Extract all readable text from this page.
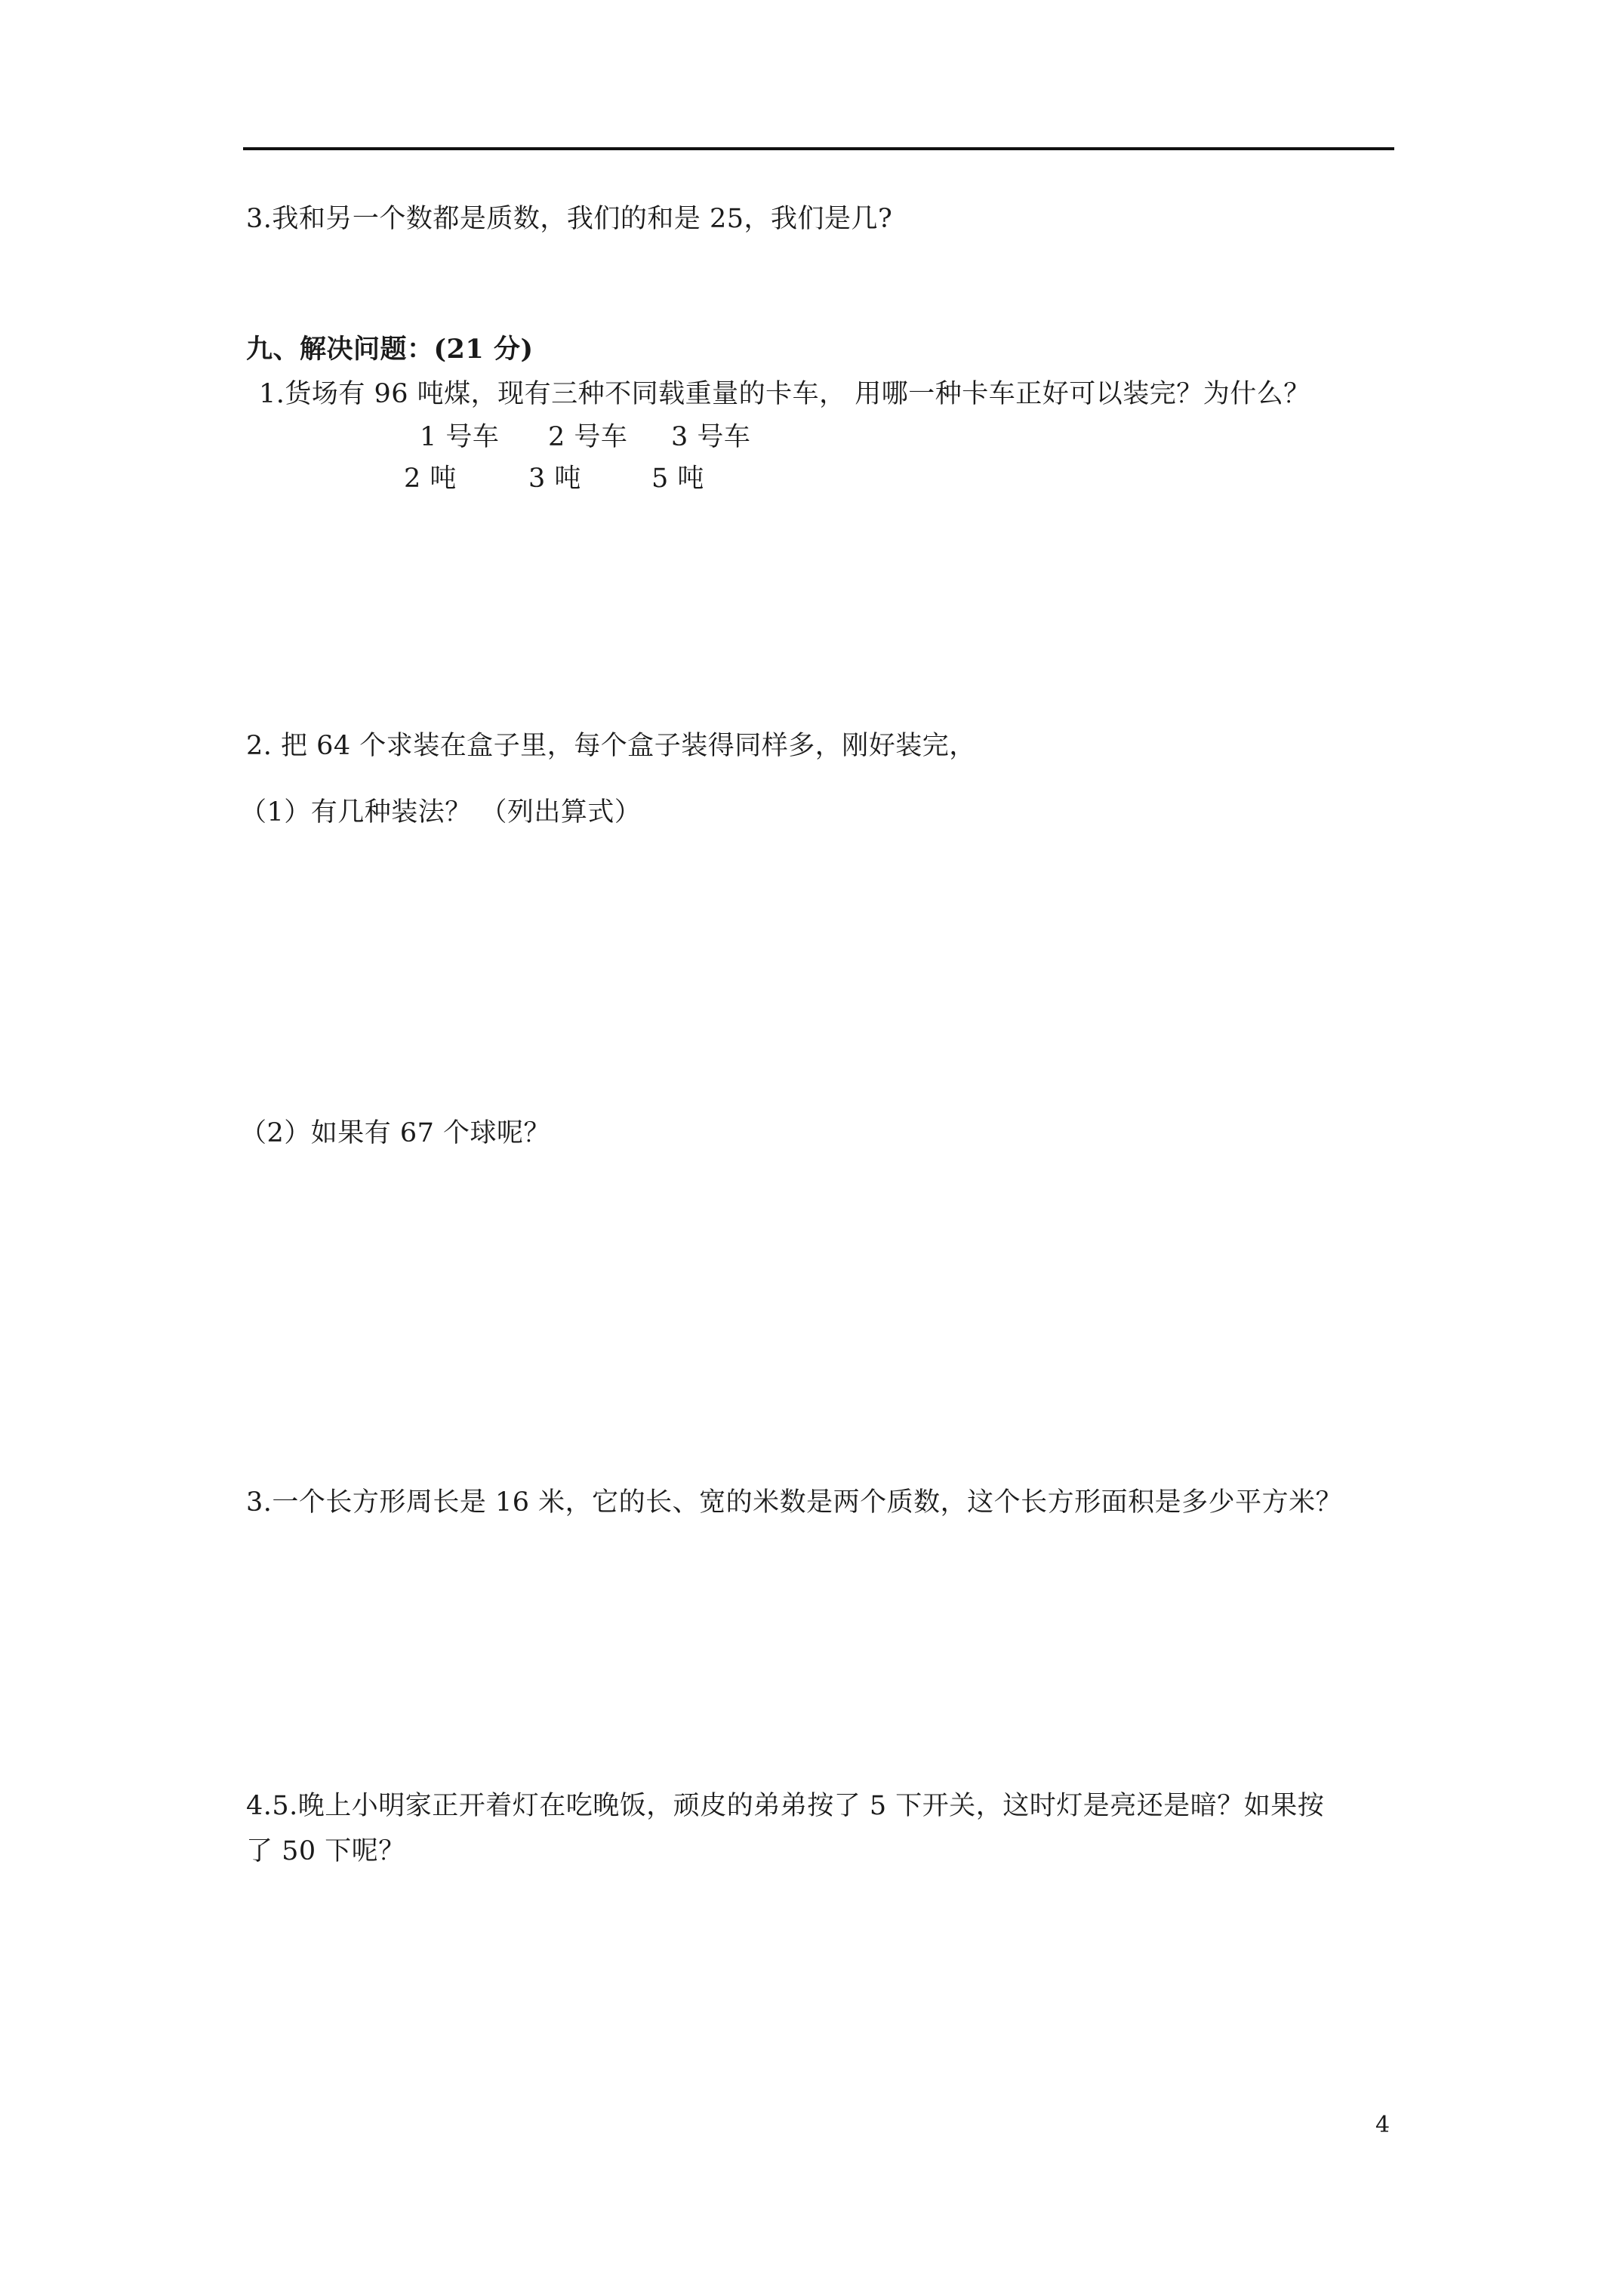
3.我和另一个数都是质数，我们的和是 25，我们是几?
九、解决问题：(21 分)
1.货场有 96 吨煤，现有三种不同载重量的卡车， 用哪一种卡车正好可以装完？为什么？
1 号车 2 号车 3 号车
2 吨	3 吨	5 吨
2. 把 64 个求装在盒子里，每个盒子装得同样多，刚好装完，
（1）有几种装法？ （列出算式）
（2）如果有 67 个球呢？
3.一个长方形周长是 16 米，它的长、宽的米数是两个质数，这个长方形面积是多少平方米？
4.5.晚上小明家正开着灯在吃晚饭，顽皮的弟弟按了 5 下开关，这时灯是亮还是暗？如果按
了 50 下呢？
4
